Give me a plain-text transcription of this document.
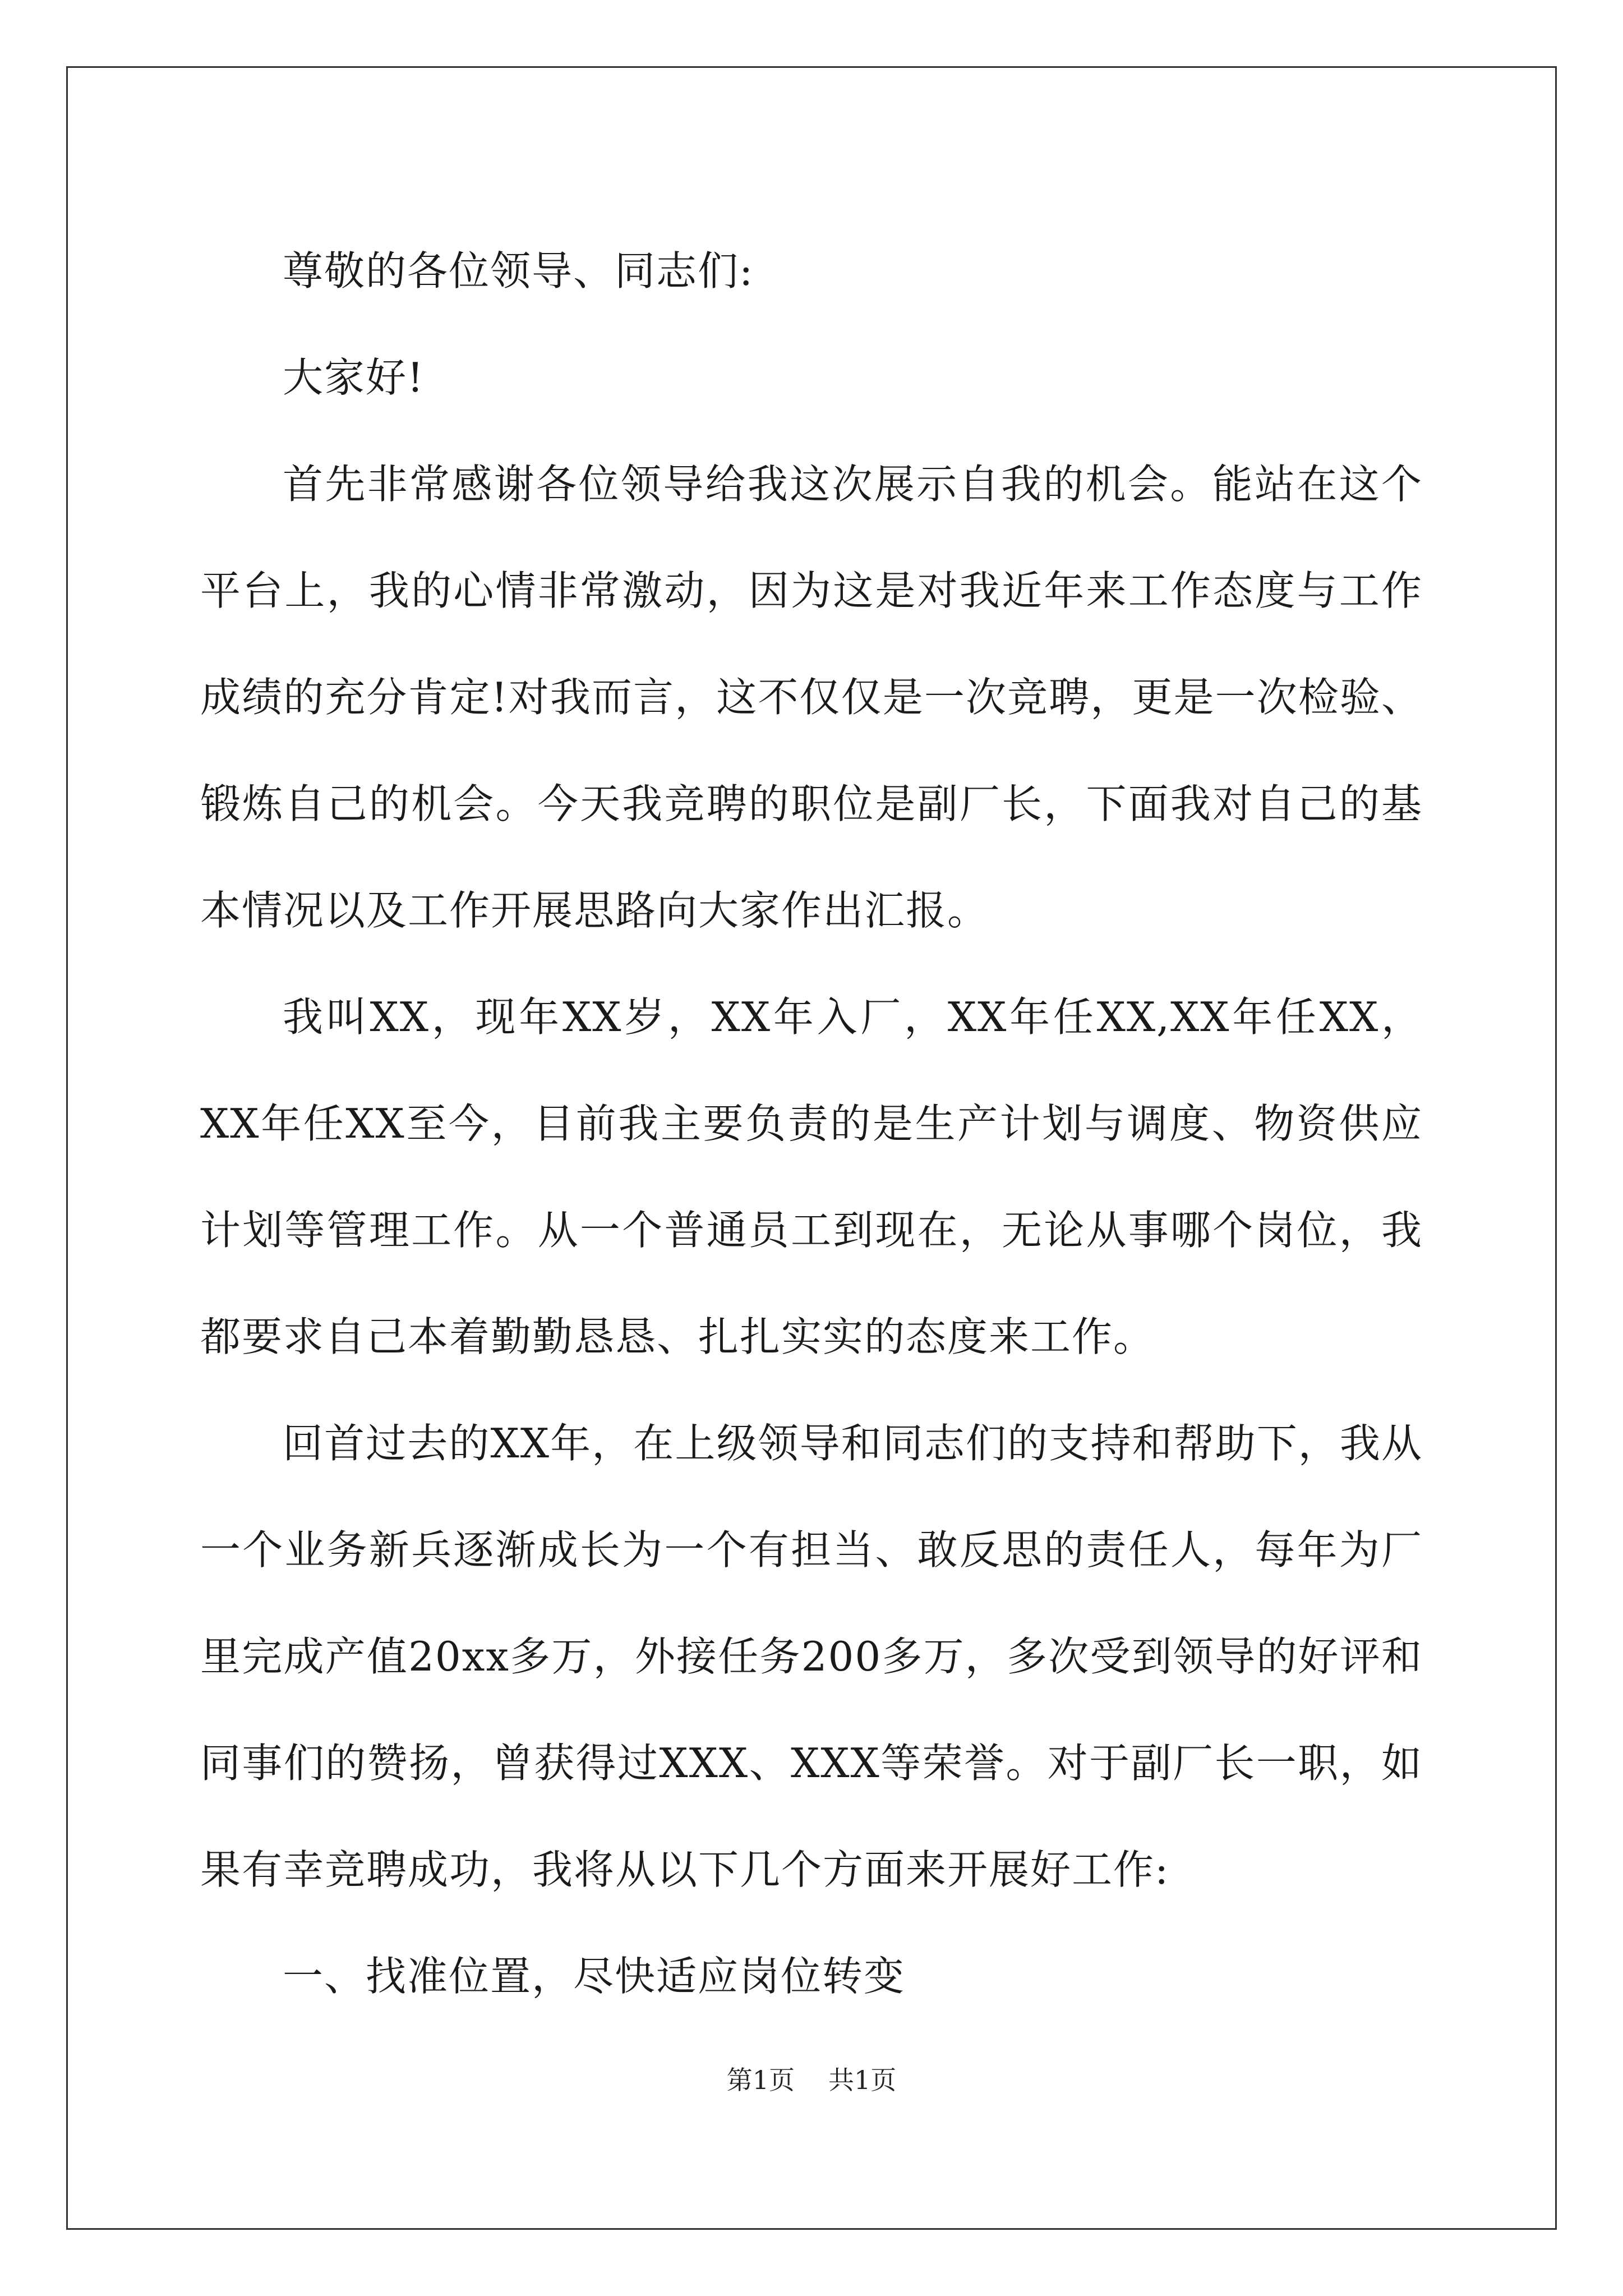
尊敬的各位领导、同志们:

大家好!

首先非常感谢各位领导给我这次展示自我的机会。能站在这个平台上，我的心情非常激动，因为这是对我近年来工作态度与工作成绩的充分肯定!对我而言，这不仅仅是一次竞聘，更是一次检验、锻炼自己的机会。今天我竞聘的职位是副厂长，下面我对自己的基本情况以及工作开展思路向大家作出汇报。

我叫XX，现年XX岁，XX年入厂，XX年任XX,XX年任XX，XX年任XX至今，目前我主要负责的是生产计划与调度、物资供应计划等管理工作。从一个普通员工到现在，无论从事哪个岗位，我都要求自己本着勤勤恳恳、扎扎实实的态度来工作。

回首过去的XX年，在上级领导和同志们的支持和帮助下，我从一个业务新兵逐渐成长为一个有担当、敢反思的责任人，每年为厂里完成产值20xx多万，外接任务200多万，多次受到领导的好评和同事们的赞扬，曾获得过XXX、XXX等荣誉。对于副厂长一职，如果有幸竞聘成功，我将从以下几个方面来开展好工作:

一、找准位置，尽快适应岗位转变

第1页 共1页
